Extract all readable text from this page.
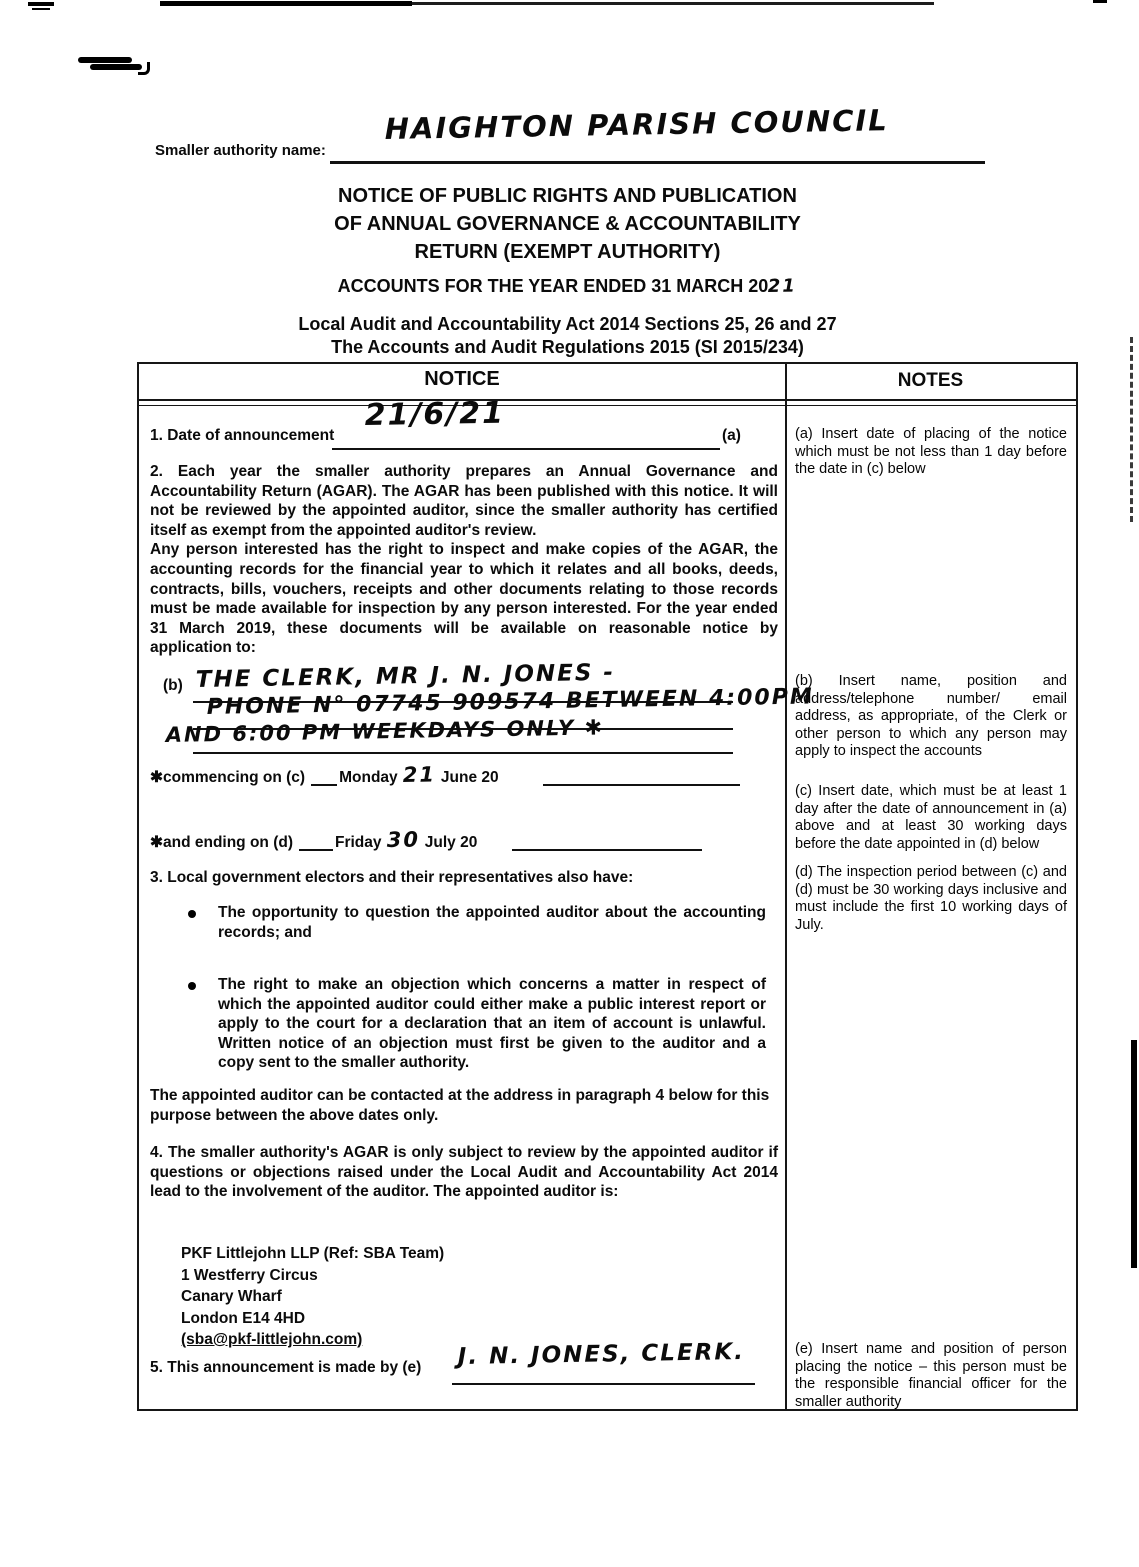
Smaller authority name:
HAIGHTON PARISH COUNCIL
NOTICE OF PUBLIC RIGHTS AND PUBLICATION
OF ANNUAL GOVERNANCE & ACCOUNTABILITY
RETURN (EXEMPT AUTHORITY)
ACCOUNTS FOR THE YEAR ENDED 31 MARCH 2021
Local Audit and Accountability Act 2014 Sections 25, 26 and 27
The Accounts and Audit Regulations 2015 (SI 2015/234)
NOTICE	NOTES
21/6/21
1. Date of announcement	(a)
2. Each year the smaller authority prepares an Annual Governance and Accountability Return (AGAR). The AGAR has been published with this notice. It will not be reviewed by the appointed auditor, since the smaller authority has certified itself as exempt from the appointed auditor's review.
Any person interested has the right to inspect and make copies of the AGAR, the accounting records for the financial year to which it relates and all books, deeds, contracts, bills, vouchers, receipts and other documents relating to those records must be made available for inspection by any person interested. For the year ended 31 March 2019, these documents will be available on reasonable notice by application to:
(b) THE CLERK, MR J. N. JONES -
PHONE N° 07745 909574 BETWEEN 4:00PM
AND 6:00 PM WEEKDAYS ONLY ✱
✱commencing on (c) Monday 21 June 20
✱and ending on (d)	Friday 30 July 20
3. Local government electors and their representatives also have:
The opportunity to question the appointed auditor about the accounting records; and
The right to make an objection which concerns a matter in respect of which the appointed auditor could either make a public interest report or apply to the court for a declaration that an item of account is unlawful. Written notice of an objection must first be given to the auditor and a copy sent to the smaller authority.
The appointed auditor can be contacted at the address in paragraph 4 below for this purpose between the above dates only.
4. The smaller authority's AGAR is only subject to review by the appointed auditor if questions or objections raised under the Local Audit and Accountability Act 2014 lead to the involvement of the auditor. The appointed auditor is:
PKF Littlejohn LLP (Ref: SBA Team)
1 Westferry Circus
Canary Wharf
London E14 4HD
(sba@pkf-littlejohn.com)
5. This announcement is made by (e) J. N. JONES, CLERK.
(a) Insert date of placing of the notice which must be not less than 1 day before the date in (c) below
(b) Insert name, position and address/telephone number/ email address, as appropriate, of the Clerk or other person to which any person may apply to inspect the accounts
(c) Insert date, which must be at least 1 day after the date of announcement in (a) above and at least 30 working days before the date appointed in (d) below
(d) The inspection period between (c) and (d) must be 30 working days inclusive and must include the first 10 working days of July.
(e) Insert name and position of person placing the notice – this person must be the responsible financial officer for the smaller authority
